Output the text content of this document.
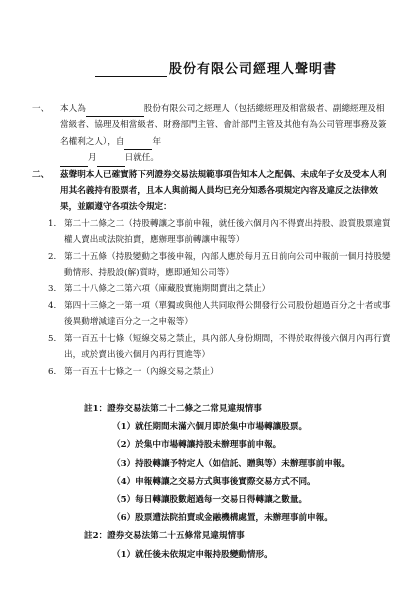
股份有限公司經理人聲明書
一、	本人為	股份有限公司之經理人（包括總經理及相當級者、副總經理及相當級者、協理及相當級者、財務部門主管、會計部門主管及其他有為公司管理事務及簽名權利之人），自	年
月	日就任。
二、	茲聲明本人已確實將下列證券交易法規範事項告知本人之配偶、未成年子女及受本人利用其名義持有股票者，且本人與前揭人員均已充分知悉各項規定內容及違反之法律效果，並願遵守各項法令規定：
1. 第二十二條之二（持股轉讓之事前申報，就任後六個月內不得賣出持股、設質股票違質權人賣出或法院拍賣，應辦理事前轉讓申報等）
2. 第二十五條（持股變動之事後申報，內部人應於每月五日前向公司申報前一個月持股變動情形、持股設(解)質時，應即通知公司等）
3. 第二十八條之二第六項（庫藏股實施期間賣出之禁止）
4. 第四十三條之一第一項（單獨或與他人共同取得公開發行公司股份超過百分之十者或事後異動增減達百分之一之申報等）
5. 第一百五十七條（短線交易之禁止，具內部人身份期間，不得於取得後六個月內再行賣出，或於賣出後六個月內再行買進等）
6. 第一百五十七條之一（內線交易之禁止）
註1：證券交易法第二十二條之二常見違規情事
（1）就任期間未滿六個月即於集中市場轉讓股票。
（2）於集中市場轉讓持股未辦理事前申報。
（3）持股轉讓予特定人（如信託、贈與等）未辦理事前申報。
（4）申報轉讓之交易方式與事後實際交易方式不同。
（5）每日轉讓股數超過每一交易日得轉讓之數量。
（6）股票遭法院拍賣或金融機構處置，未辦理事前申報。
註2：證券交易法第二十五條常見違規情事
（1）就任後未依規定申報持股變動情形。
